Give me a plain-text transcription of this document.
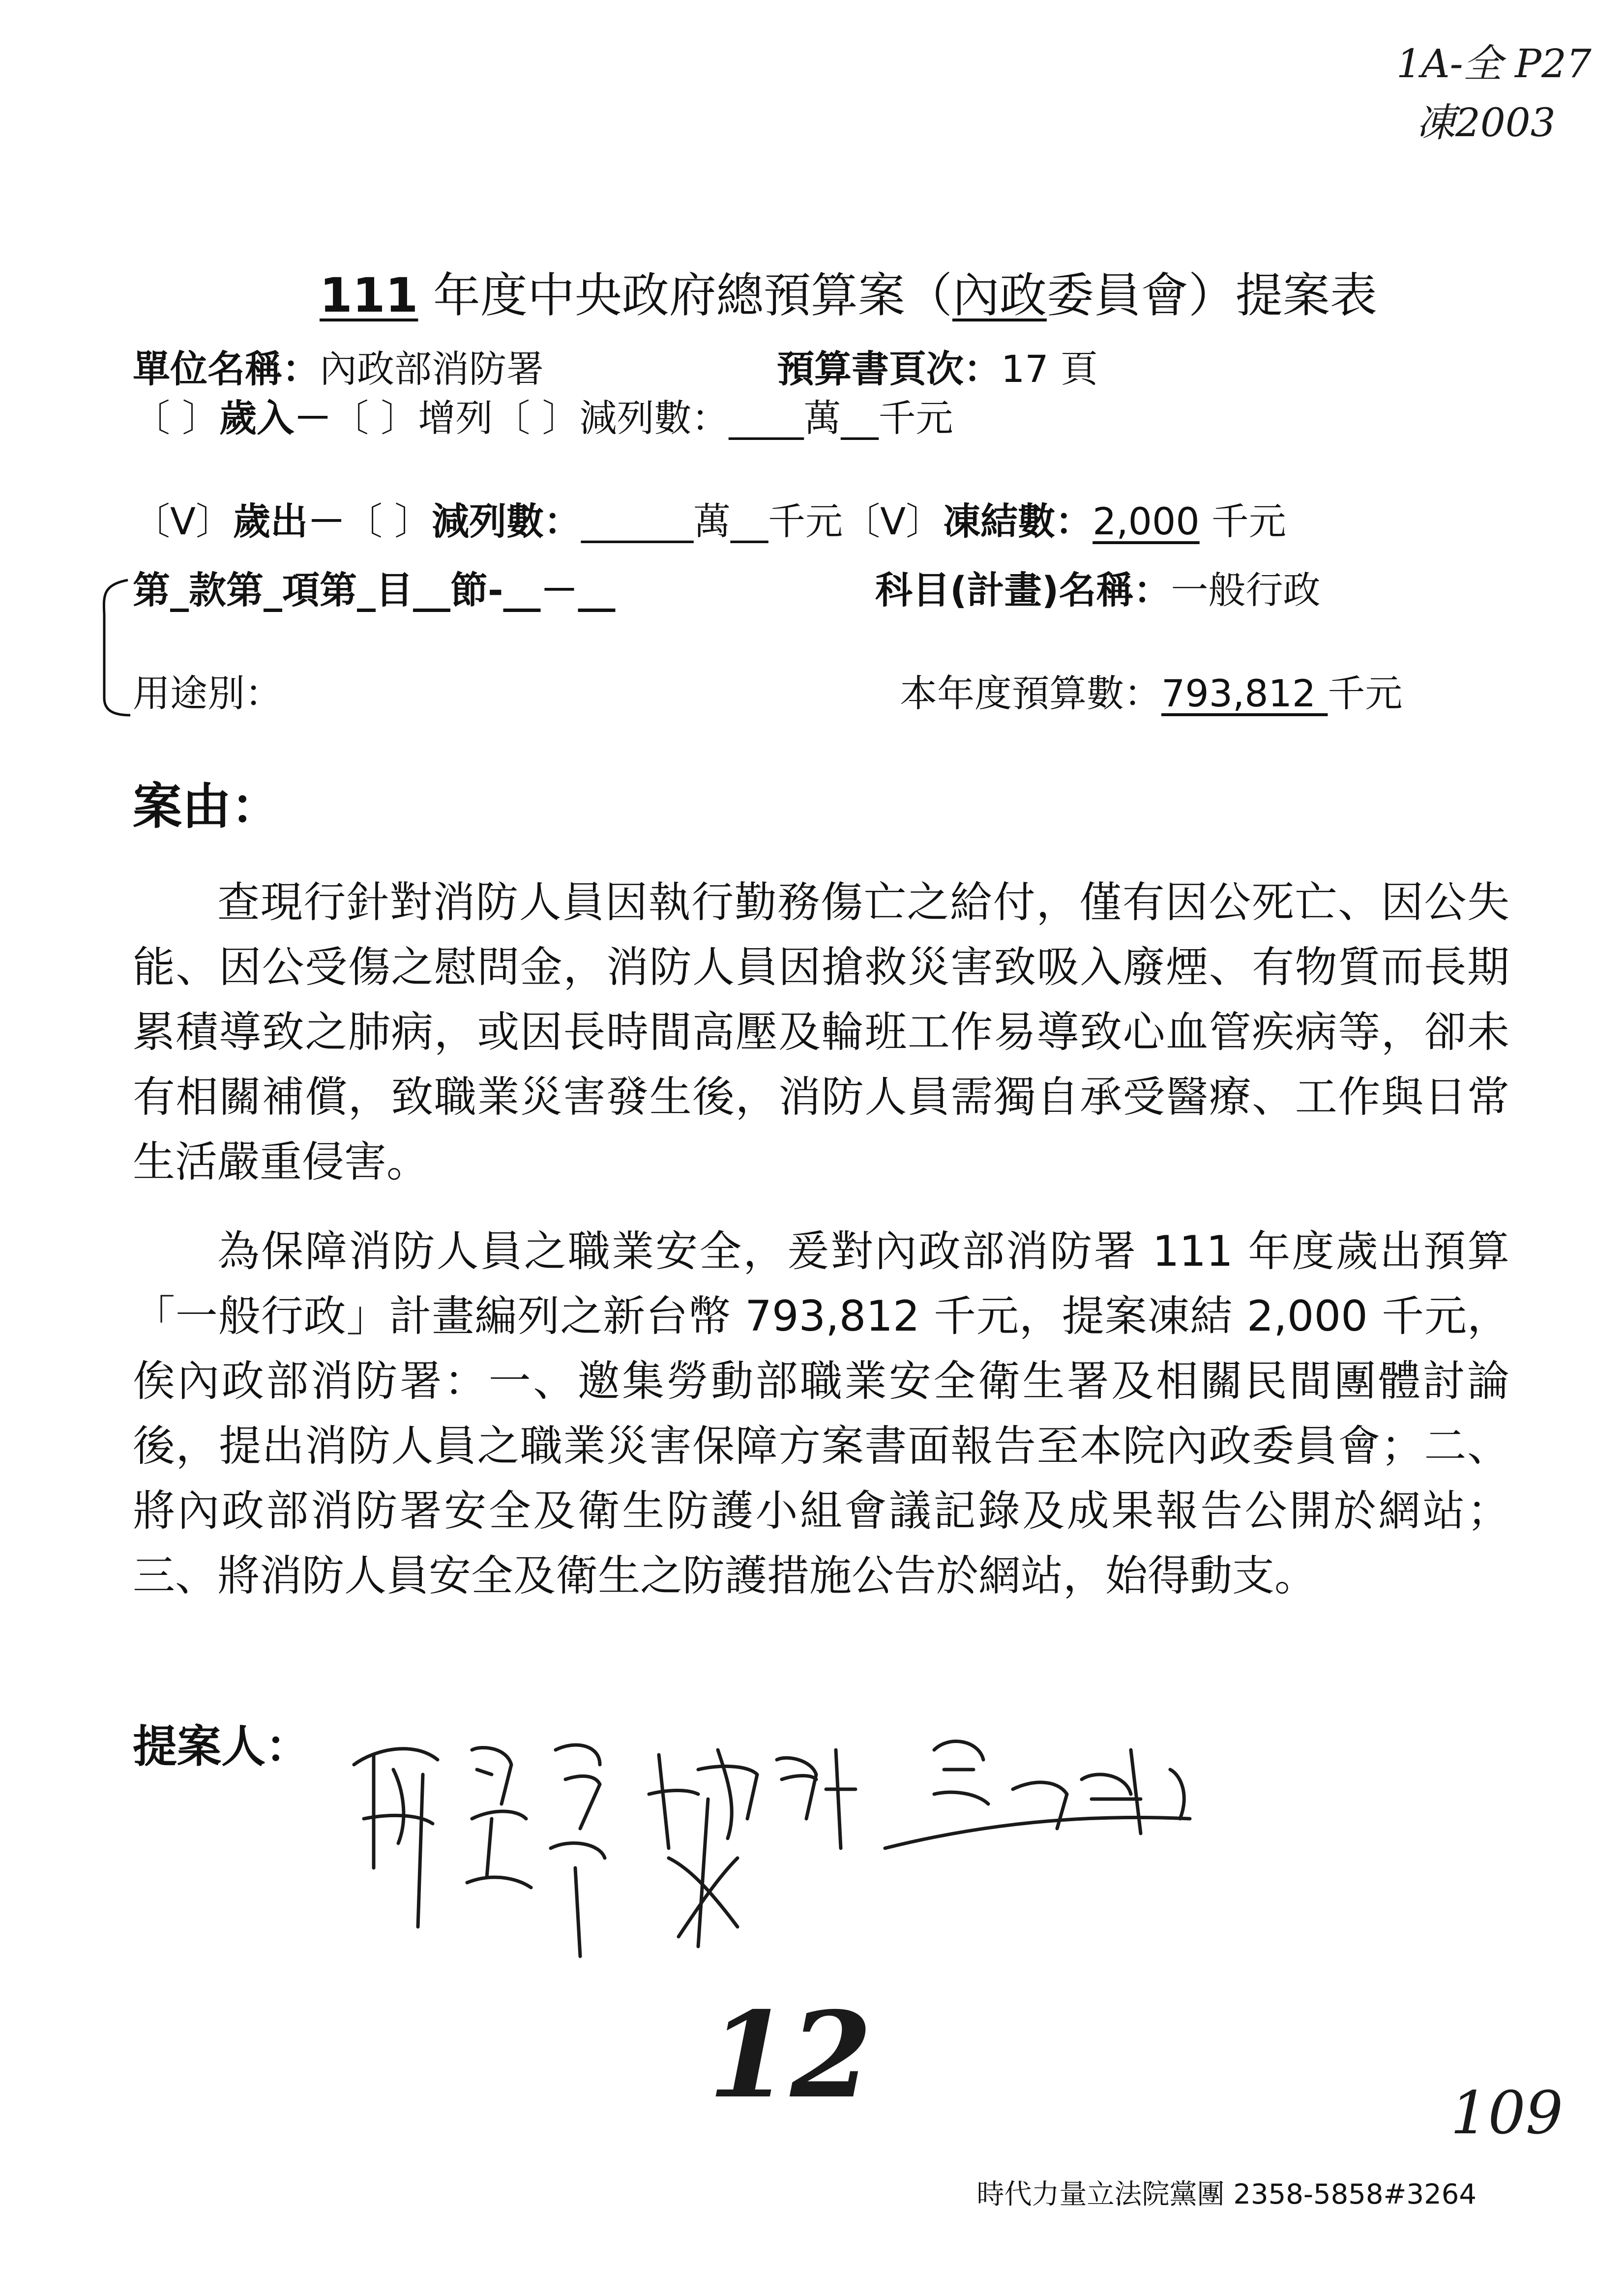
1A-全 P27
凍2003
111 年度中央政府總預算案（內政委員會）提案表
單位名稱：內政部消防署	預算書頁次：17 頁
〔 〕歲入－〔 〕增列〔 〕減列數：____萬__千元
〔V〕歲出－〔 〕減列數：______萬__千元〔V〕凍結數：2,000 千元
第_款第_項第_目__節-__－__	科目(計畫)名稱：一般行政
用途別：	本年度預算數：793,812 千元
案由：

查現行針對消防人員因執行勤務傷亡之給付，僅有因公死亡、因公失能、因公受傷之慰問金，消防人員因搶救災害致吸入廢煙、有物質而長期累積導致之肺病，或因長時間高壓及輪班工作易導致心血管疾病等，卻未有相關補償，致職業災害發生後，消防人員需獨自承受醫療、工作與日常生活嚴重侵害。

為保障消防人員之職業安全，爰對內政部消防署 111 年度歲出預算「一般行政」計畫編列之新台幣 793,812 千元，提案凍結 2,000 千元，俟內政部消防署：一、邀集勞動部職業安全衛生署及相關民間團體討論後，提出消防人員之職業災害保障方案書面報告至本院內政委員會；二、將內政部消防署安全及衛生防護小組會議記錄及成果報告公開於網站；三、將消防人員安全及衛生之防護措施公告於網站，始得動支。

提案人：
12	109
時代力量立法院黨團 2358-5858#3264
